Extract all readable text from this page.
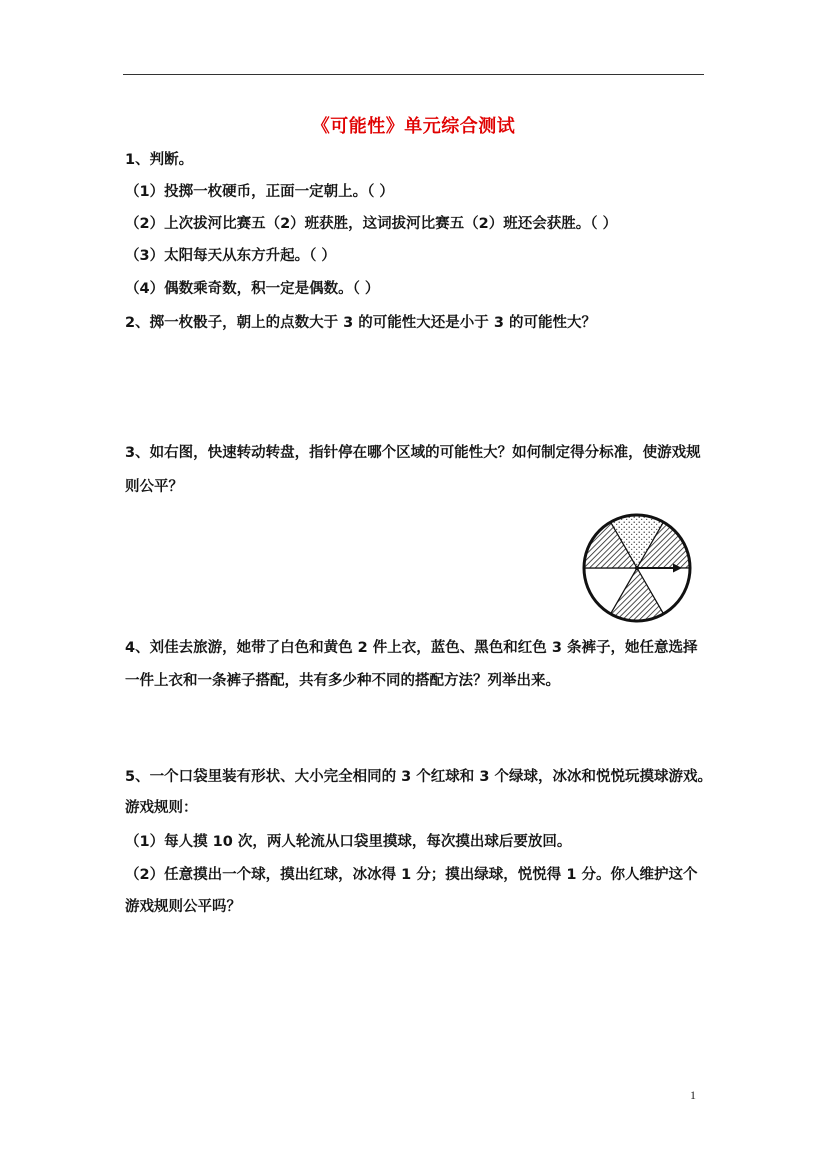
《可能性》单元综合测试
1、判断。
（1）投掷一枚硬币，正面一定朝上。（ ）
（2）上次拔河比赛五（2）班获胜，这词拔河比赛五（2）班还会获胜。（ ）
（3）太阳每天从东方升起。（ ）
（4）偶数乘奇数，积一定是偶数。（ ）
2、掷一枚骰子，朝上的点数大于 3 的可能性大还是小于 3 的可能性大？
3、如右图，快速转动转盘，指针停在哪个区域的可能性大？如何制定得分标准，使游戏规
则公平？
4、刘佳去旅游，她带了白色和黄色 2 件上衣，蓝色、黑色和红色 3 条裤子，她任意选择
一件上衣和一条裤子搭配，共有多少种不同的搭配方法？列举出来。
5、一个口袋里装有形状、大小完全相同的 3 个红球和 3 个绿球，冰冰和悦悦玩摸球游戏。
游戏规则：
（1）每人摸 10 次，两人轮流从口袋里摸球，每次摸出球后要放回。
（2）任意摸出一个球，摸出红球，冰冰得 1 分；摸出绿球，悦悦得 1 分。你人维护这个
游戏规则公平吗？
1
